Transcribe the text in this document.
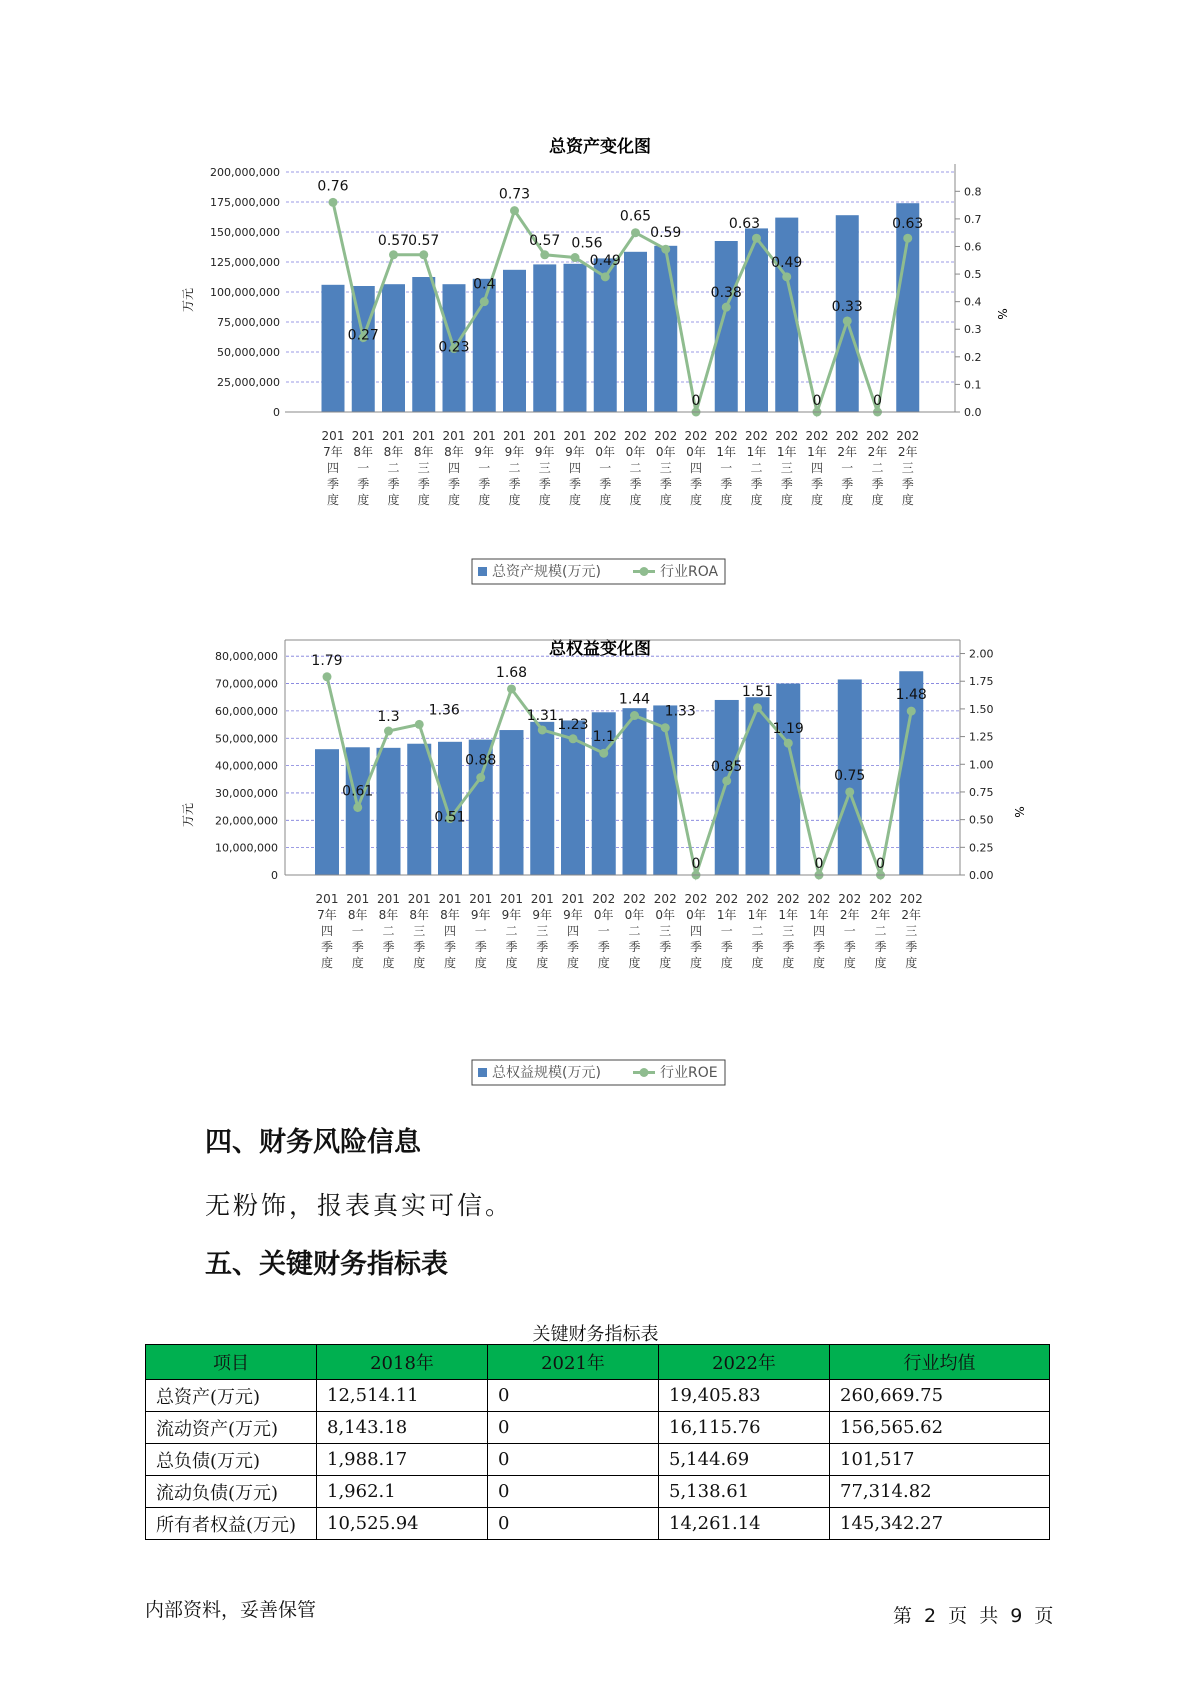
总资产变化图
万元
%
0
25,000,000
50,000,000
75,000,000
100,000,000
125,000,000
150,000,000
175,000,000
200,000,000
0.0
0.1
0.2
0.3
0.4
0.5
0.6
0.7
0.8
0.76
0.27
0.57 0.57
0.23
0.4
0.73
0.57 0.56
0.49
0.65
0.59
0
0.38
0.63
0.49
0
0.33
0
0.63
201
7年
四
季
度
201
8年
一
季
度
201
8年
二
季
度
201
8年
三
季
度
201
8年
四
季
度
201
9年
一
季
度
201
9年
二
季
度
201
9年
三
季
度
201
9年
四
季
度
202
0年
一
季
度
202
0年
二
季
度
202
0年
三
季
度
202
0年
四
季
度
202
1年
一
季
度
202
1年
二
季
度
202
1年
三
季
度
202
1年
四
季
度
202
2年
一
季
度
202
2年
二
季
度
202
2年
三
季
度
总资产规模(万元)	行业ROA
总权益变化图
万元	%
0
10,000,000
20,000,000
30,000,000
40,000,000
50,000,000
60,000,000
70,000,000
80,000,000
0.00
0.25
0.50
0.75
1.00
1.25
1.50
1.75
2.00
1.79
0.61
1.3 1.36
0.51
0.88
1.68
1.31
1.23
1.1
1.44
1.33
0
0.85
1.51
1.19
0
0.75
0
1.48
201
7年
四
季
度
201
8年
一
季
度
201
8年
二
季
度
201
8年
三
季
度
201
8年
四
季
度
201
9年
一
季
度
201
9年
二
季
度
201
9年
三
季
度
201
9年
四
季
度
202
0年
一
季
度
202
0年
二
季
度
202
0年
三
季
度
202
0年
四
季
度
202
1年
一
季
度
202
1年
二
季
度
202
1年
三
季
度
202
1年
四
季
度
202
2年
一
季
度
202
2年
二
季
度
202
2年
三
季
度
总权益规模(万元)	行业ROE
四、财务风险信息
无粉饰，报表真实可信。
五、关键财务指标表
关键财务指标表
项目	2018年	2021年	2022年	行业均值
总资产(万元)	12,514.11	0	19,405.83	260,669.75
流动资产(万元)	8,143.18	0	16,115.76	156,565.62
总负债(万元)	1,988.17	0	5,144.69	101,517
流动负债(万元)	1,962.1	0	5,138.61	77,314.82
所有者权益(万元)	10,525.94	0	14,261.14	145,342.27
内部资料，妥善保管	第 2 页 共 9 页
